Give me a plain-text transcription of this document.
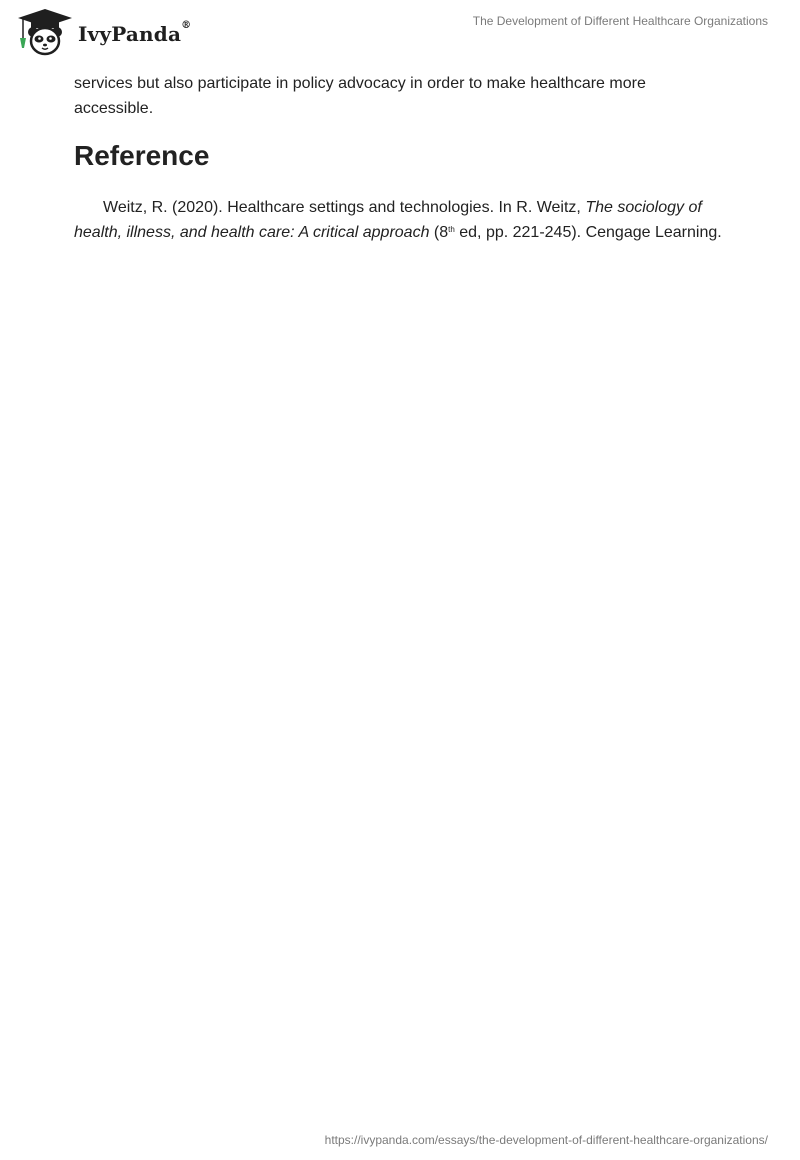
IvyPanda®	The Development of Different Healthcare Organizations

services but also participate in policy advocacy in order to make healthcare more accessible.

Reference

Weitz, R. (2020). Healthcare settings and technologies. In R. Weitz, The sociology of health, illness, and health care: A critical approach (8th ed, pp. 221-245). Cengage Learning.

https://ivypanda.com/essays/the-development-of-different-healthcare-organizations/
